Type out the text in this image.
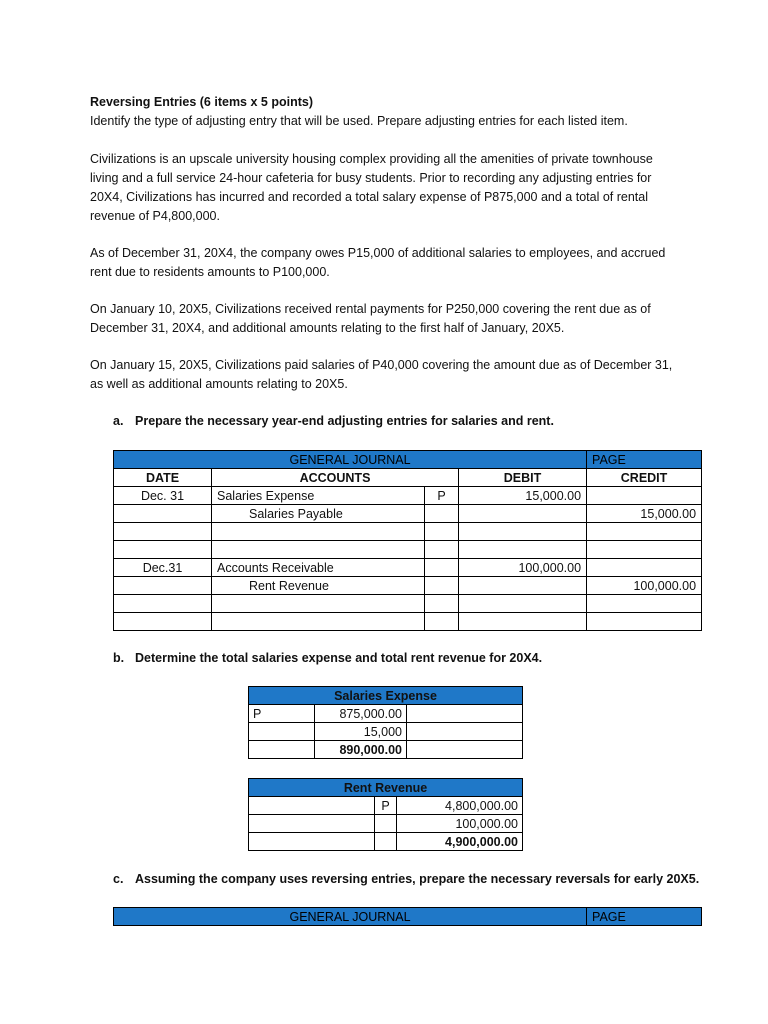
Reversing Entries (6 items x 5 points)
Identify the type of adjusting entry that will be used. Prepare adjusting entries for each listed item.
Civilizations is an upscale university housing complex providing all the amenities of private townhouse
living and a full service 24-hour cafeteria for busy students. Prior to recording any adjusting entries for
20X4, Civilizations has incurred and recorded a total salary expense of P875,000 and a total of rental
revenue of P4,800,000.
As of December 31, 20X4, the company owes P15,000 of additional salaries to employees, and accrued
rent due to residents amounts to P100,000.
On January 10, 20X5, Civilizations received rental payments for P250,000 covering the rent due as of
December 31, 20X4, and additional amounts relating to the first half of January, 20X5.
On January 15, 20X5, Civilizations paid salaries of P40,000 covering the amount due as of December 31,
as well as additional amounts relating to 20X5.
a. Prepare the necessary year-end adjusting entries for salaries and rent.
GENERAL JOURNAL				PAGE
DATE	ACCOUNTS		DEBIT	CREDIT
Dec. 31	Salaries Expense	P	15,000.00	
	Salaries Payable			15,000.00

Dec.31	Accounts Receivable		100,000.00	
	Rent Revenue			100,000.00

b. Determine the total salaries expense and total rent revenue for 20X4.
Salaries Expense		
P	875,000.00	
	15,000	
	890,000.00	
Rent Revenue		
	P	4,800,000.00
		100,000.00
		4,900,000.00
c. Assuming the company uses reversing entries, prepare the necessary reversals for early 20X5.
GENERAL JOURNAL	PAGE
